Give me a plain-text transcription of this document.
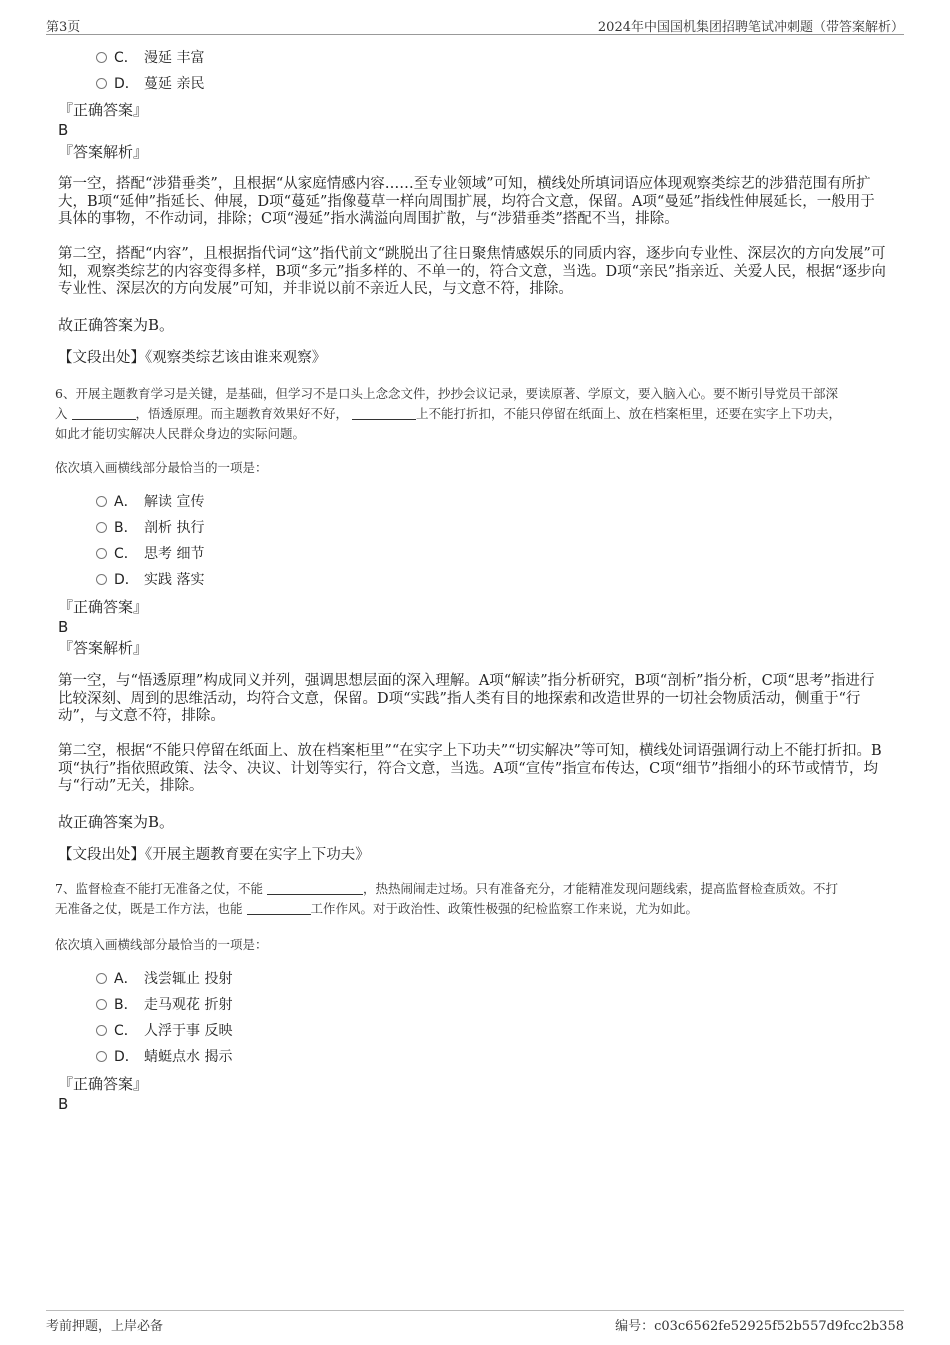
第3页	2024年中国国机集团招聘笔试冲刺题（带答案解析）
C． 漫延 丰富
D． 蔓延 亲民
『正确答案』
B
『答案解析』
第一空，搭配“涉猎垂类”，且根据“从家庭情感内容……至专业领域”可知，横线处所填词语应体现观察类综艺的涉猎范围有所扩大，B项“延伸”指延长、伸展，D项“蔓延”指像蔓草一样向周围扩展，均符合文意，保留。A项“曼延”指线性伸展延长，一般用于具体的事物，不作动词，排除；C项“漫延”指水满溢向周围扩散，与“涉猎垂类”搭配不当，排除。
第二空，搭配“内容”，且根据指代词“这”指代前文“跳脱出了往日聚焦情感娱乐的同质内容，逐步向专业性、深层次的方向发展”可知，观察类综艺的内容变得多样，B项“多元”指多样的、不单一的，符合文意，当选。D项“亲民”指亲近、关爱人民，根据“逐步向专业性、深层次的方向发展”可知，并非说以前不亲近人民，与文意不符，排除。
故正确答案为B。
【文段出处】《观察类综艺该由谁来观察》
6、开展主题教育学习是关键，是基础，但学习不是口头上念念文件，抄抄会议记录，要读原著、学原文，要入脑入心。要不断引导党员干部深
入	，悟透原理。而主题教育效果好不好，	上不能打折扣，不能只停留在纸面上、放在档案柜里，还要在实字上下功夫，
如此才能切实解决人民群众身边的实际问题。
依次填入画横线部分最恰当的一项是：
A． 解读 宣传
B． 剖析 执行
C． 思考 细节
D． 实践 落实
『正确答案』
B
『答案解析』
第一空，与“悟透原理”构成同义并列，强调思想层面的深入理解。A项“解读”指分析研究，B项“剖析”指分析，C项“思考”指进行比较深刻、周到的思维活动，均符合文意，保留。D项“实践”指人类有目的地探索和改造世界的一切社会物质活动，侧重于“行动”，与文意不符，排除。
第二空，根据“不能只停留在纸面上、放在档案柜里”“在实字上下功夫”“切实解决”等可知，横线处词语强调行动上不能打折扣。B项“执行”指依照政策、法令、决议、计划等实行，符合文意，当选。A项“宣传”指宣布传达，C项“细节”指细小的环节或情节，均与“行动”无关，排除。
故正确答案为B。
【文段出处】《开展主题教育要在实字上下功夫》
7、监督检查不能打无准备之仗，不能	，热热闹闹走过场。只有准备充分，才能精准发现问题线索，提高监督检查质效。不打
无准备之仗，既是工作方法，也能	工作作风。对于政治性、政策性极强的纪检监察工作来说，尤为如此。
依次填入画横线部分最恰当的一项是：
A． 浅尝辄止 投射
B． 走马观花 折射
C． 人浮于事 反映
D． 蜻蜓点水 揭示
『正确答案』
B
考前押题，上岸必备	编号：c03c6562fe52925f52b557d9fcc2b358
